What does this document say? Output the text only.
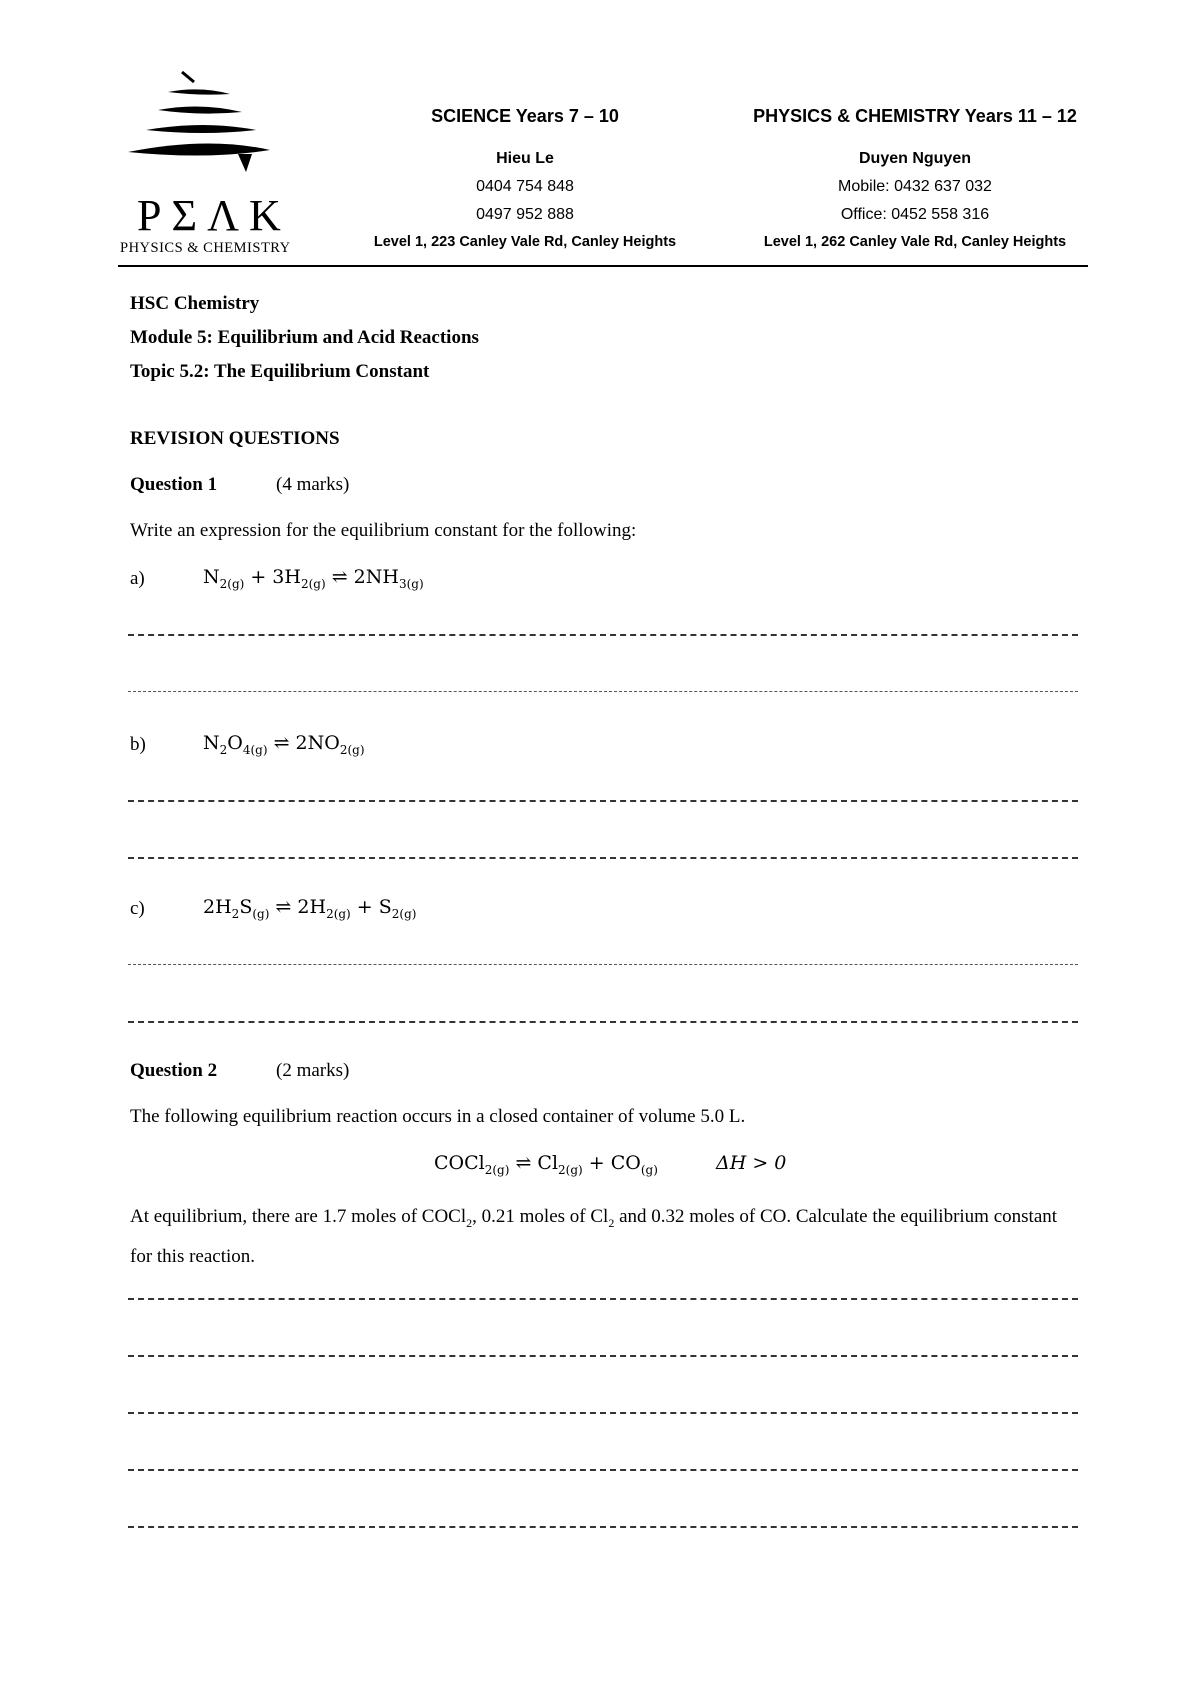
PΣΛK
PHYSICS & CHEMISTRY
SCIENCE Years 7 – 10
Hieu Le
0404 754 848
0497 952 888
Level 1, 223 Canley Vale Rd, Canley Heights
PHYSICS & CHEMISTRY Years 11 – 12
Duyen Nguyen
Mobile: 0432 637 032
Office: 0452 558 316
Level 1, 262 Canley Vale Rd, Canley Heights
HSC Chemistry
Module 5: Equilibrium and Acid Reactions
Topic 5.2: The Equilibrium Constant
REVISION QUESTIONS
Question 1	(4 marks)
Write an expression for the equilibrium constant for the following:
a)	$N_{2(g)} + 3H_{2(g)}$ ⇌ $2NH_{3(g)}$
b)	$N_2O_{4(g)}$ ⇌ $2NO_{2(g)}$
c)	$2H_2S_{(g)}$ ⇌ $2H_{2(g)} + S_{2(g)}$
Question 2	(2 marks)
The following equilibrium reaction occurs in a closed container of volume 5.0 L.
COCl$_{2(g)}$ ⇌ $Cl_{2(g)} + CO_{(g)}$	ΔH > 0
At equilibrium, there are 1.7 moles of COCl$_2$, 0.21 moles of $Cl_2$ and 0.32 moles of CO. Calculate the equilibrium constant for this reaction.
